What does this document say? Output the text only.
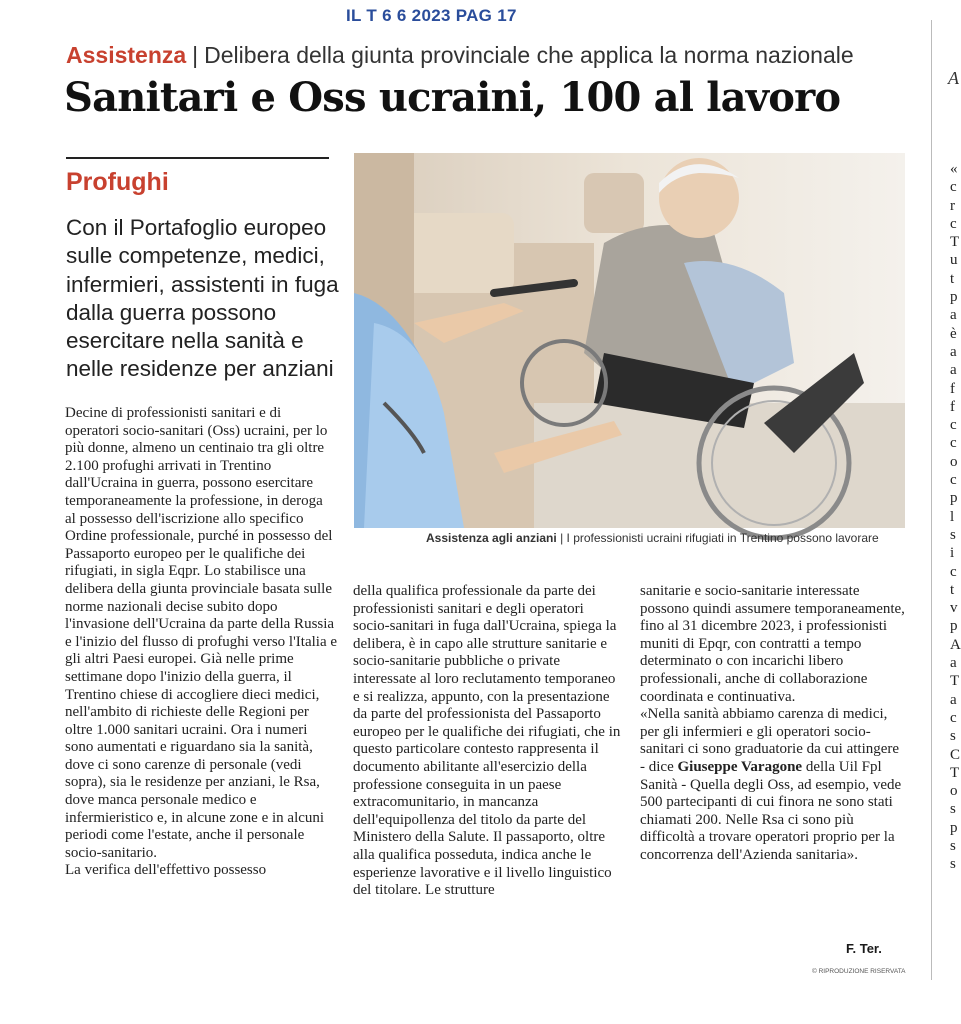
IL T 6 6 2023 PAG 17
Assistenza | Delibera della giunta provinciale che applica la norma nazionale
Sanitari e Oss ucraini, 100 al lavoro
Profughi
Con il Portafoglio europeo sulle competenze, medici, infermieri, assistenti in fuga dalla guerra possono esercitare nella sanità e nelle residenze per anziani
Assistenza agli anziani | I professionisti ucraini rifugiati in Trentino possono lavorare
Decine di professionisti sanitari e di operatori socio-sanitari (Oss) ucraini, per lo più donne, almeno un centinaio tra gli oltre 2.100 profughi arrivati in Trentino dall'Ucraina in guerra, possono esercitare temporaneamente la professione, in deroga al possesso dell'iscrizione allo specifico Ordine professionale, purché in possesso del Passaporto europeo per le qualifiche dei rifugiati, in sigla Eqpr. Lo stabilisce una delibera della giunta provinciale basata sulle norme nazionali decise subito dopo l'invasione dell'Ucraina da parte della Russia e l'inizio del flusso di profughi verso l'Italia e gli altri Paesi europei. Già nelle prime settimane dopo l'inizio della guerra, il Trentino chiese di accogliere dieci medici, nell'ambito di richieste delle Regioni per oltre 1.000 sanitari ucraini. Ora i numeri sono aumentati e riguardano sia la sanità, dove ci sono carenze di personale (vedi sopra), sia le residenze per anziani, le Rsa, dove manca personale medico e infermieristico e, in alcune zone e in alcuni periodi come l'estate, anche il personale socio-sanitario.
La verifica dell'effettivo possesso
della qualifica professionale da parte dei professionisti sanitari e degli operatori socio-sanitari in fuga dall'Ucraina, spiega la delibera, è in capo alle strutture sanitarie e socio-sanitarie pubbliche o private interessate al loro reclutamento temporaneo e si realizza, appunto, con la presentazione da parte del professionista del Passaporto europeo per le qualifiche dei rifugiati, che in questo particolare contesto rappresenta il documento abilitante all'esercizio della professione conseguita in un paese extracomunitario, in mancanza dell'equipollenza del titolo da parte del Ministero della Salute. Il passaporto, oltre alla qualifica posseduta, indica anche le esperienze lavorative e il livello linguistico del titolare. Le strutture
sanitarie e socio-sanitarie interessate possono quindi assumere temporaneamente, fino al 31 dicembre 2023, i professionisti muniti di Epqr, con contratti a tempo determinato o con incarichi libero professionali, anche di collaborazione coordinata e continuativa.
«Nella sanità abbiamo carenza di medici, per gli infermieri e gli operatori socio-sanitari ci sono graduatorie da cui attingere - dice Giuseppe Varagone della Uil Fpl Sanità - Quella degli Oss, ad esempio, vede 500 partecipanti di cui finora ne sono stati chiamati 200. Nelle Rsa ci sono più difficoltà a trovare operatori proprio per la concorrenza dell'Azienda sanitaria».
F. Ter.
© RIPRODUZIONE RISERVATA
A
«
c
r
c
T
u
t
p
a
è
a
a
f
f
c
c
o
c
p
l
s
i
c
t
v
p
A
a
T
a
c
s
C
T
o
s
p
s
s
